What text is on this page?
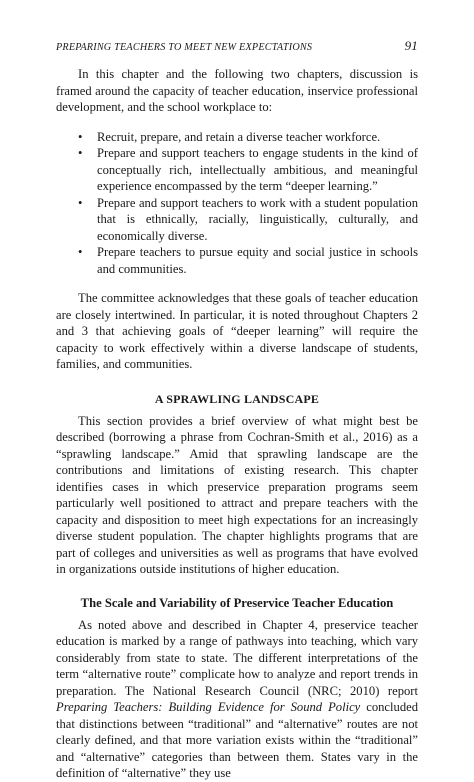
PREPARING TEACHERS TO MEET NEW EXPECTATIONS	91

In this chapter and the following two chapters, discussion is framed around the capacity of teacher education, inservice professional development, and the school workplace to:

• Recruit, prepare, and retain a diverse teacher workforce.
• Prepare and support teachers to engage students in the kind of conceptually rich, intellectually ambitious, and meaningful experience encompassed by the term “deeper learning.”
• Prepare and support teachers to work with a student population that is ethnically, racially, linguistically, culturally, and economically diverse.
• Prepare teachers to pursue equity and social justice in schools and communities.

The committee acknowledges that these goals of teacher education are closely intertwined. In particular, it is noted throughout Chapters 2 and 3 that achieving goals of “deeper learning” will require the capacity to work effectively within a diverse landscape of students, families, and communities.

A SPRAWLING LANDSCAPE

This section provides a brief overview of what might best be described (borrowing a phrase from Cochran-Smith et al., 2016) as a “sprawling landscape.” Amid that sprawling landscape are the contributions and limitations of existing research. This chapter identifies cases in which preservice preparation programs seem particularly well positioned to attract and prepare teachers with the capacity and disposition to meet high expectations for an increasingly diverse student population. The chapter highlights programs that are part of colleges and universities as well as programs that have evolved in organizations outside institutions of higher education.

The Scale and Variability of Preservice Teacher Education

As noted above and described in Chapter 4, preservice teacher education is marked by a range of pathways into teaching, which vary considerably from state to state. The different interpretations of the term “alternative route” complicate how to analyze and report trends in preparation. The National Research Council (NRC; 2010) report Preparing Teachers: Building Evidence for Sound Policy concluded that distinctions between “traditional” and “alternative” routes are not clearly defined, and that more variation exists within the “traditional” and “alternative” categories than between them. States vary in the definition of “alternative” they use
